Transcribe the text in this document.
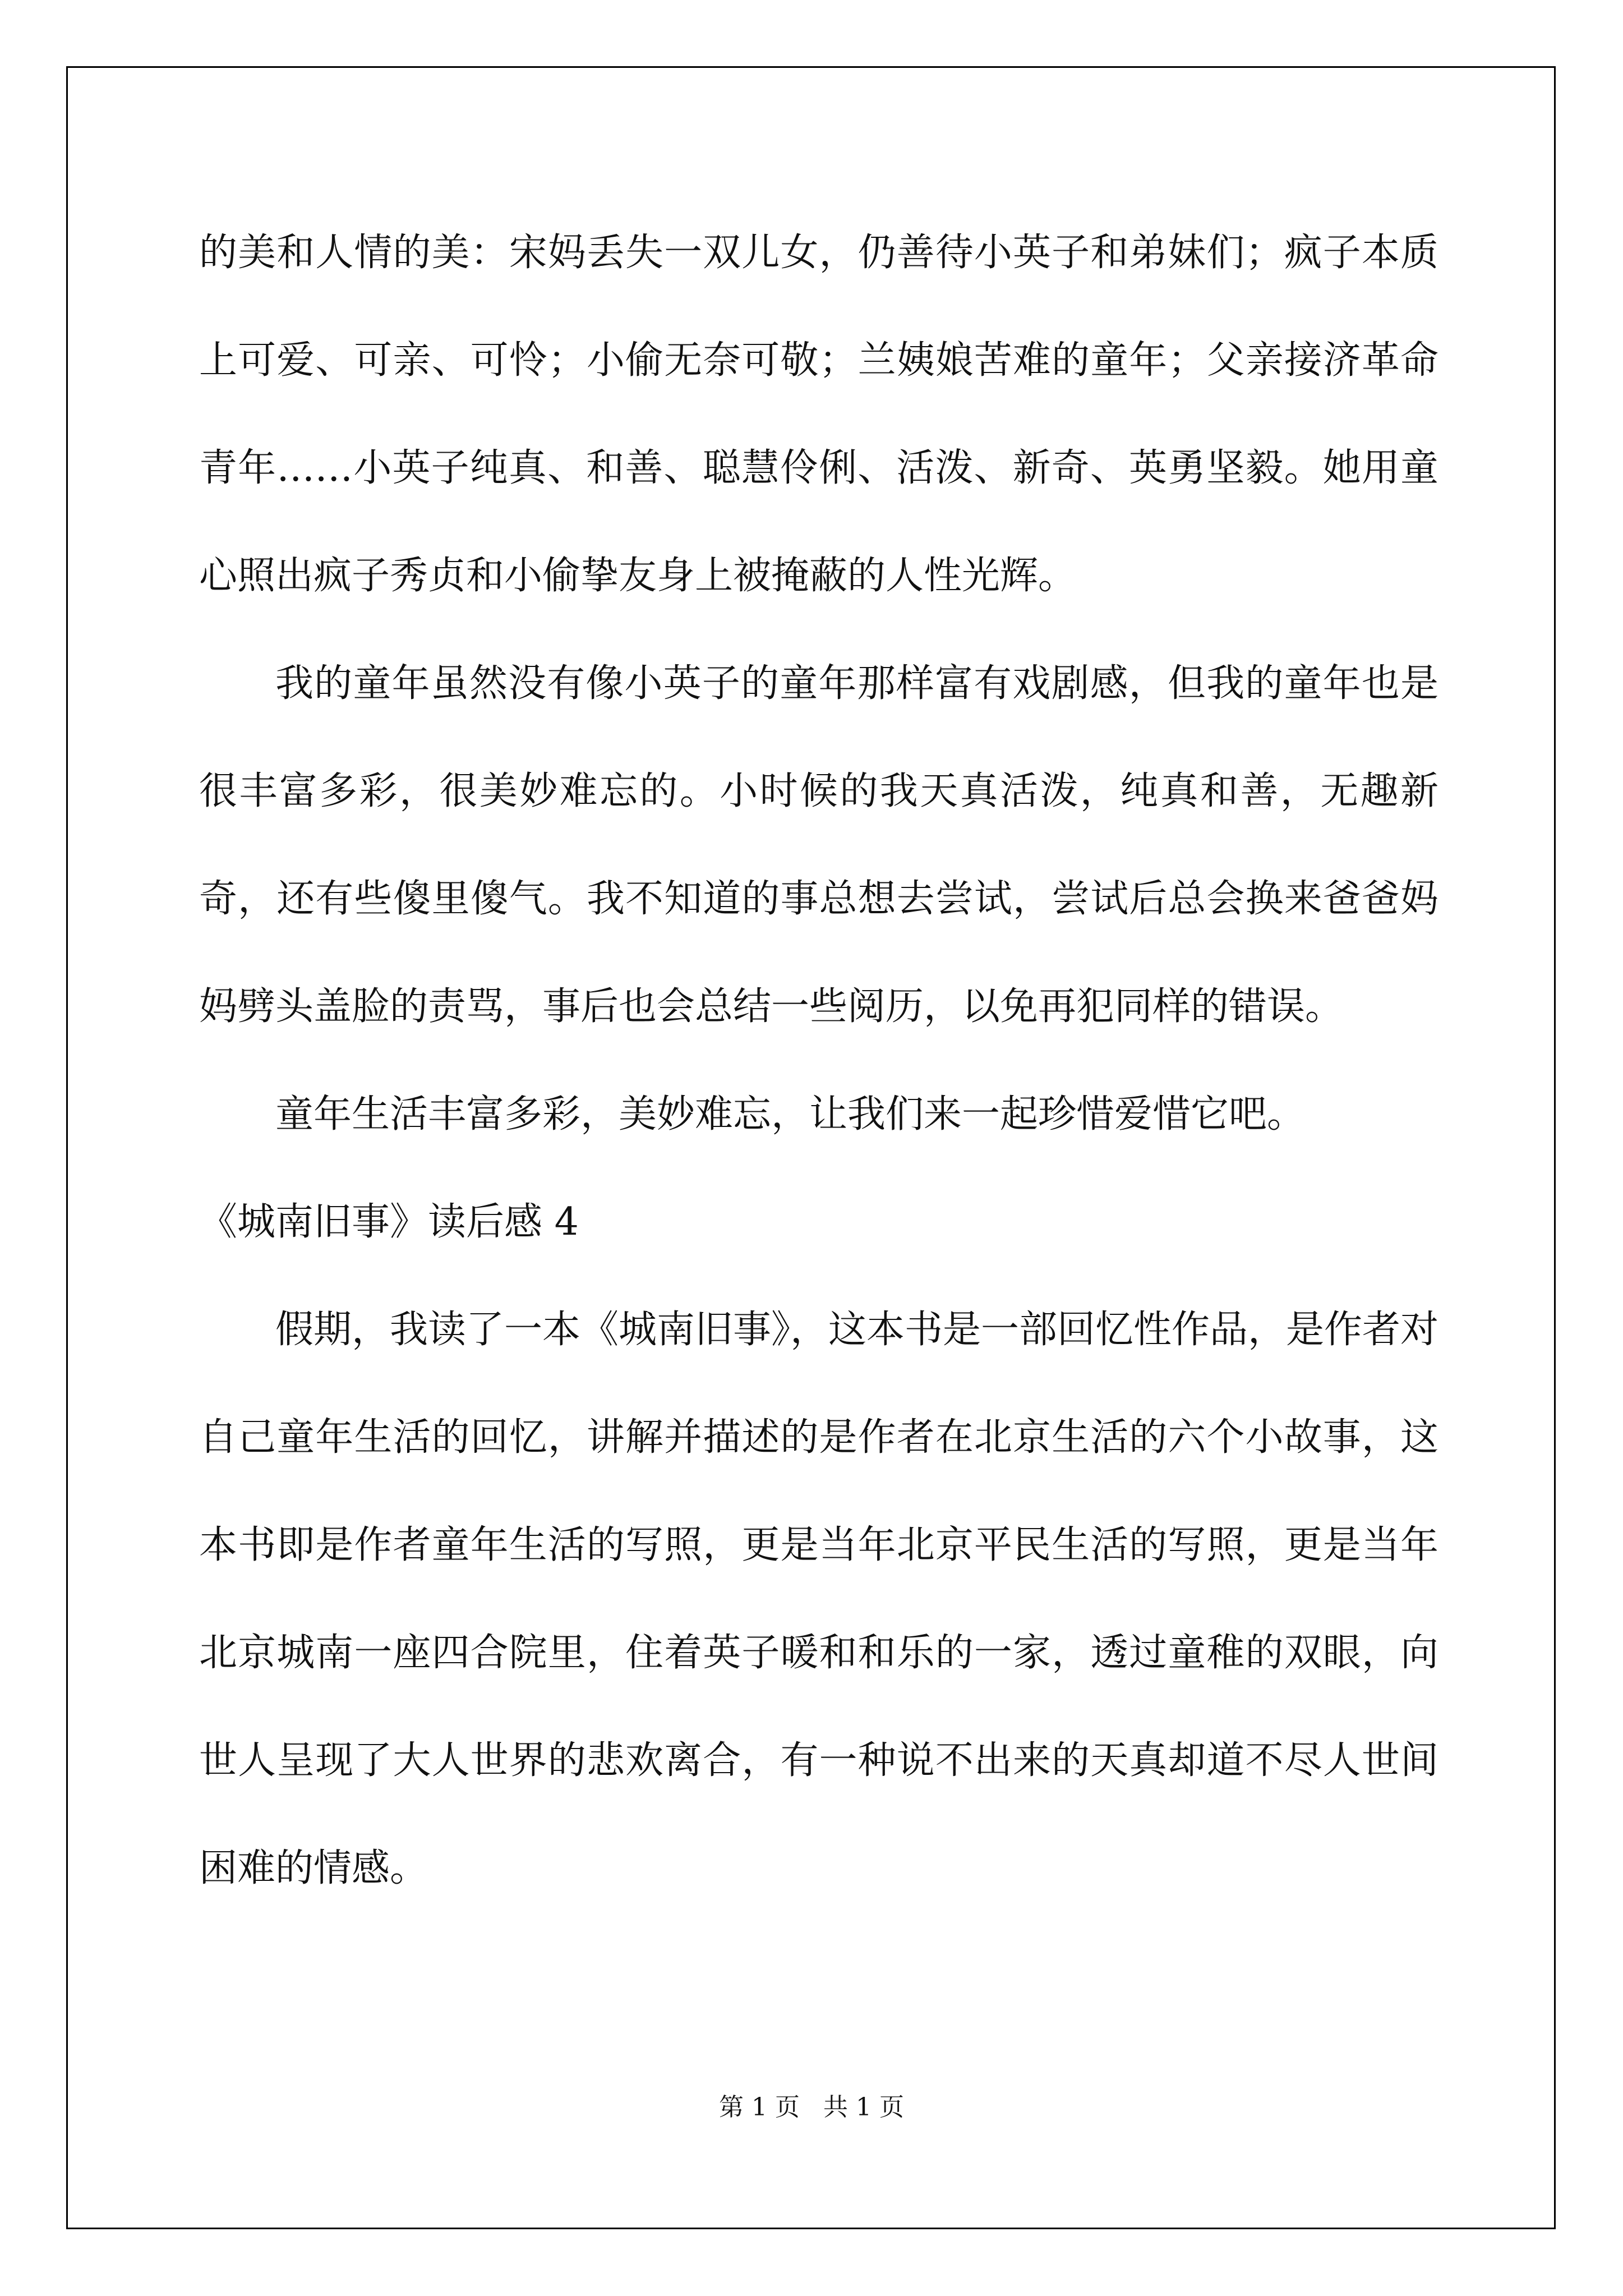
的美和人情的美：宋妈丢失一双儿女，仍善待小英子和弟妹们；疯子本质上可爱、可亲、可怜；小偷无奈可敬；兰姨娘苦难的童年；父亲接济革命青年……小英子纯真、和善、聪慧伶俐、活泼、新奇、英勇坚毅。她用童心照出疯子秀贞和小偷挚友身上被掩蔽的人性光辉。

我的童年虽然没有像小英子的童年那样富有戏剧感，但我的童年也是很丰富多彩，很美妙难忘的。小时候的我天真活泼，纯真和善，无趣新奇，还有些傻里傻气。我不知道的事总想去尝试，尝试后总会换来爸爸妈妈劈头盖脸的责骂，事后也会总结一些阅历，以免再犯同样的错误。

童年生活丰富多彩，美妙难忘，让我们来一起珍惜爱惜它吧。

《城南旧事》读后感 4

假期，我读了一本《城南旧事》，这本书是一部回忆性作品，是作者对自己童年生活的回忆，讲解并描述的是作者在北京生活的六个小故事，这本书即是作者童年生活的写照，更是当年北京平民生活的写照，更是当年北京城南一座四合院里，住着英子暖和和乐的一家，透过童稚的双眼，向世人呈现了大人世界的悲欢离合，有一种说不出来的天真却道不尽人世间困难的情感。

第 1 页 共 1 页
